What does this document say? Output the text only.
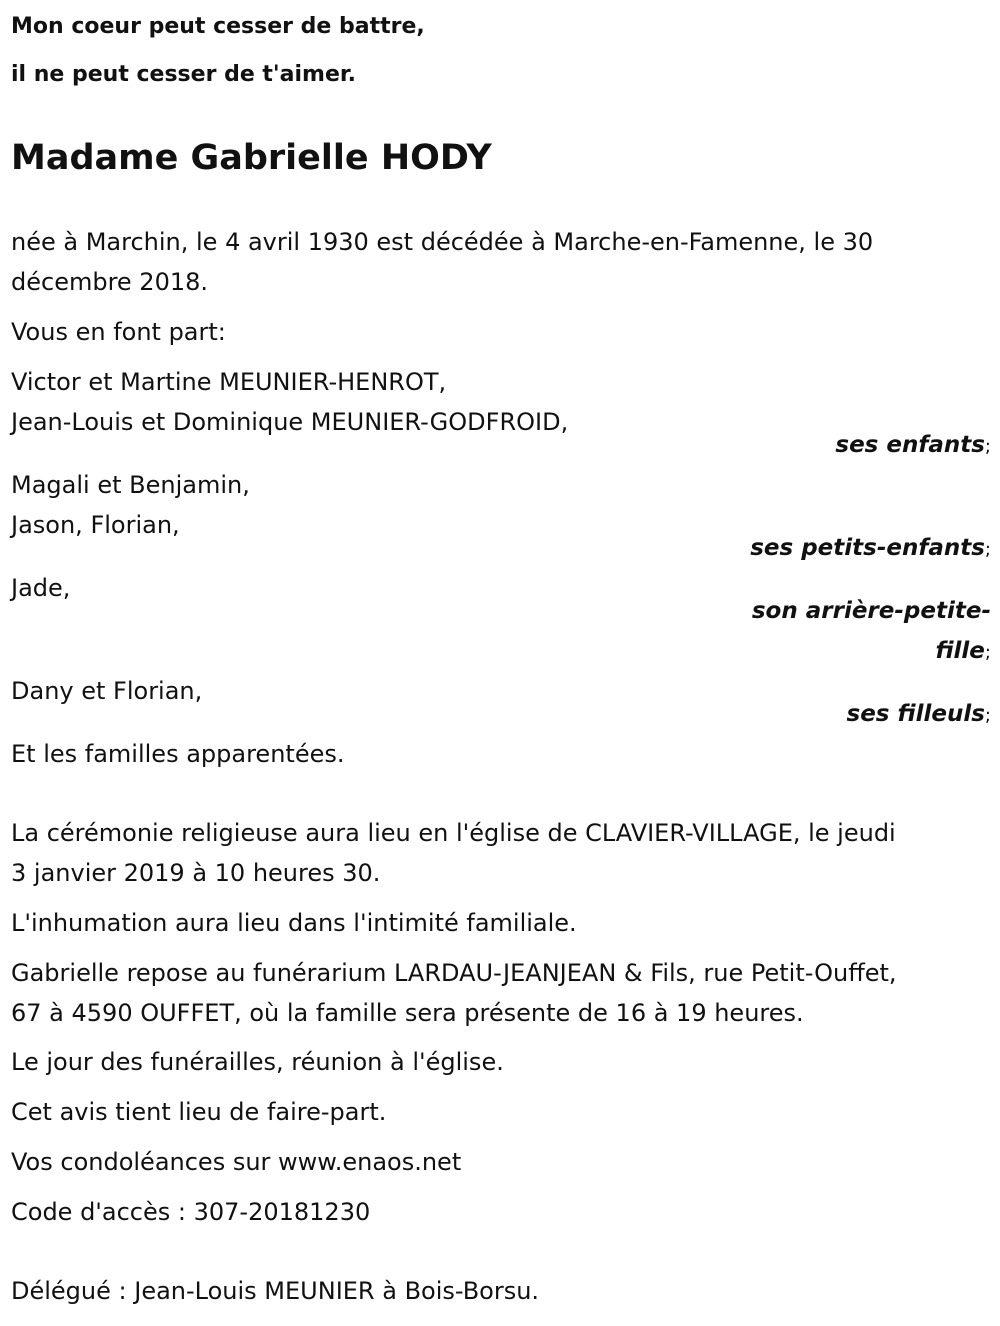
Mon coeur peut cesser de battre,
il ne peut cesser de t'aimer.
Madame Gabrielle HODY
née à Marchin, le 4 avril 1930 est décédée à Marche-en-Famenne, le 30
décembre 2018.
Vous en font part:
Victor et Martine MEUNIER-HENROT,
Jean-Louis et Dominique MEUNIER-GODFROID,
ses enfants;
Magali et Benjamin,
Jason, Florian,
ses petits-enfants;
Jade,
son arrière-petite-
fille;
Dany et Florian,
ses filleuls;
Et les familles apparentées.
La cérémonie religieuse aura lieu en l'église de CLAVIER-VILLAGE, le jeudi
3 janvier 2019 à 10 heures 30.
L'inhumation aura lieu dans l'intimité familiale.
Gabrielle repose au funérarium LARDAU-JEANJEAN & Fils, rue Petit-Ouffet,
67 à 4590 OUFFET, où la famille sera présente de 16 à 19 heures.
Le jour des funérailles, réunion à l'église.
Cet avis tient lieu de faire-part.
Vos condoléances sur www.enaos.net
Code d'accès : 307-20181230
Délégué : Jean-Louis MEUNIER à Bois-Borsu.
